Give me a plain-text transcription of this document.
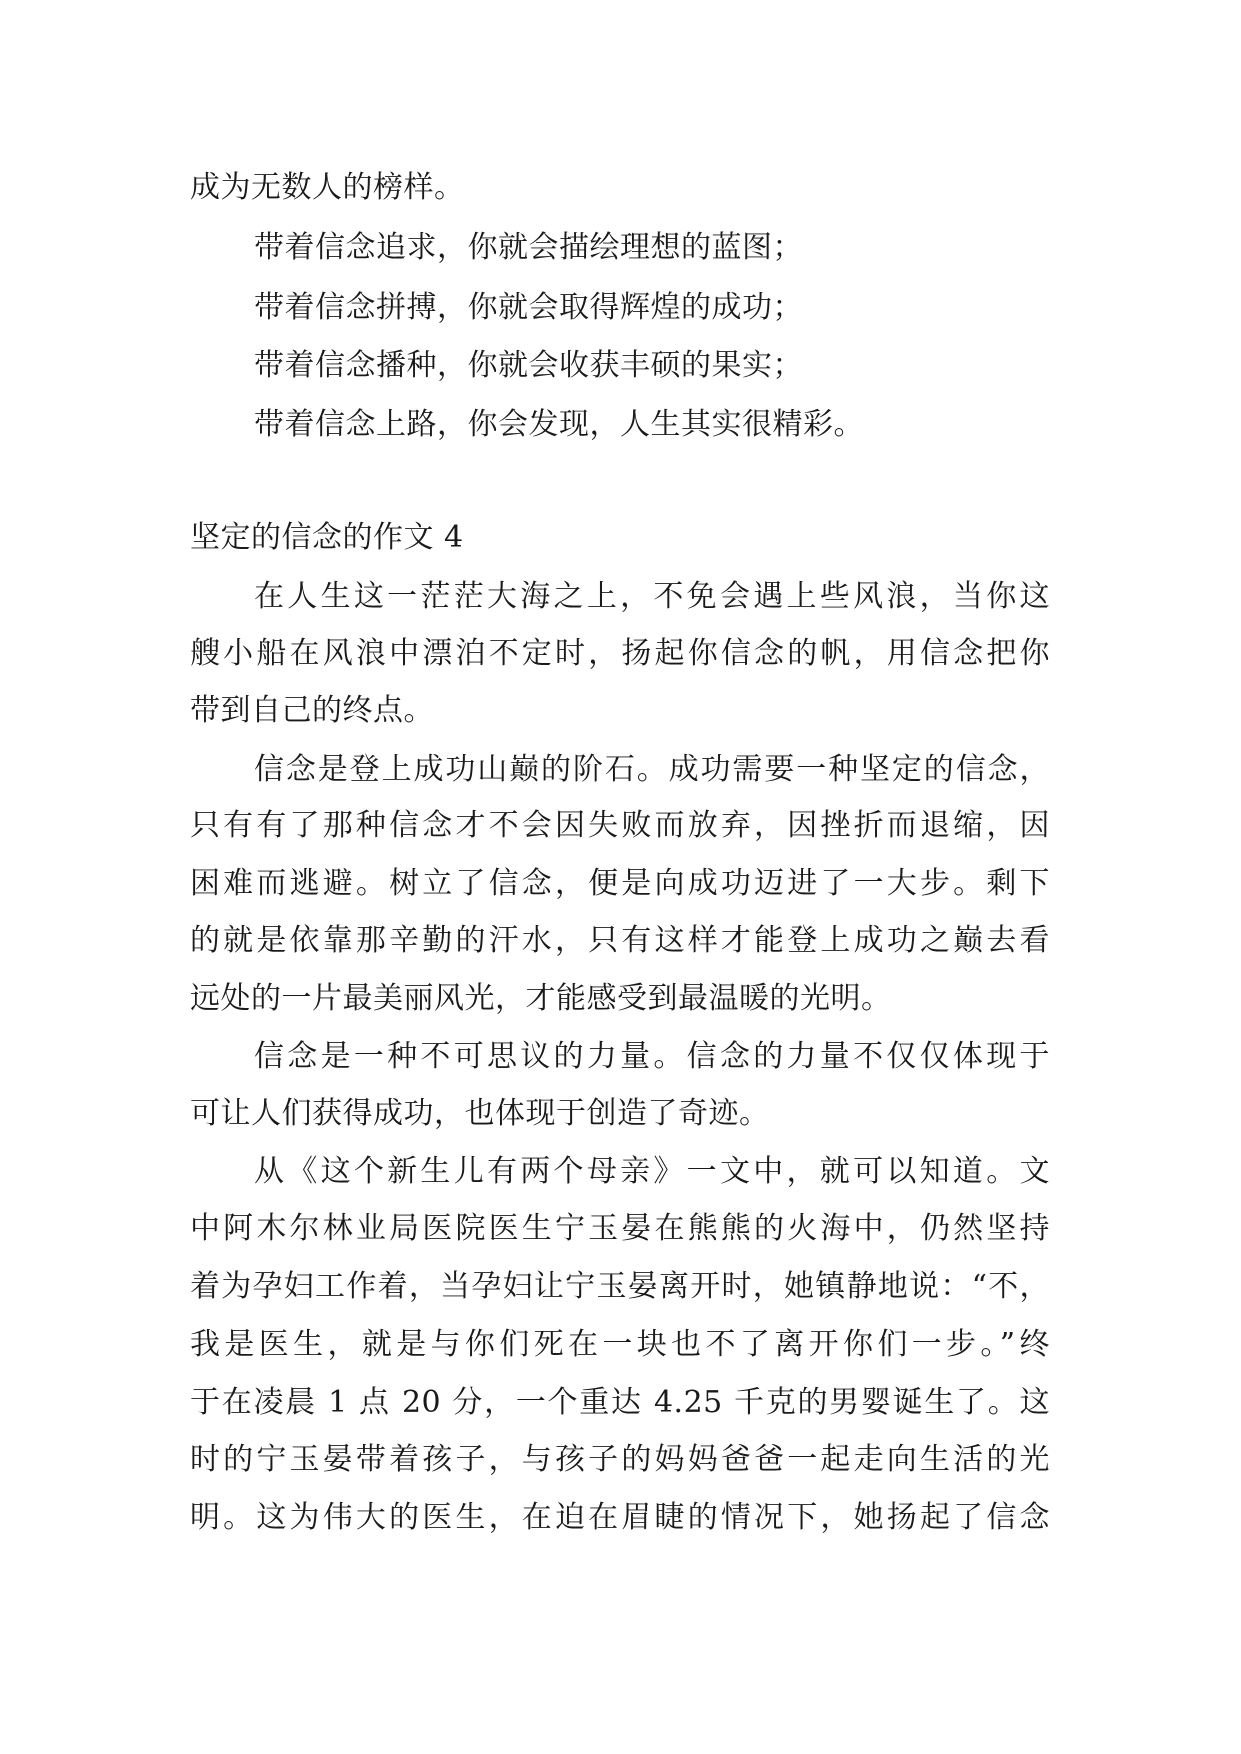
成为无数人的榜样。
带着信念追求，你就会描绘理想的蓝图；
带着信念拼搏，你就会取得辉煌的成功；
带着信念播种，你就会收获丰硕的果实；
带着信念上路，你会发现，人生其实很精彩。
坚定的信念的作文 4
在人生这一茫茫大海之上，不免会遇上些风浪，当你这
艘小船在风浪中漂泊不定时，扬起你信念的帆，用信念把你
带到自己的终点。
信念是登上成功山巅的阶石。成功需要一种坚定的信念，
只有有了那种信念才不会因失败而放弃，因挫折而退缩，因
困难而逃避。树立了信念，便是向成功迈进了一大步。剩下
的就是依靠那辛勤的汗水，只有这样才能登上成功之巅去看
远处的一片最美丽风光，才能感受到最温暖的光明。
信念是一种不可思议的力量。信念的力量不仅仅体现于
可让人们获得成功，也体现于创造了奇迹。
从《这个新生儿有两个母亲》一文中，就可以知道。文
中阿木尔林业局医院医生宁玉晏在熊熊的火海中，仍然坚持
着为孕妇工作着，当孕妇让宁玉晏离开时，她镇静地说：“不，
我是医生，就是与你们死在一块也不了离开你们一步。”终
于在凌晨 1 点 20 分，一个重达 4.25 千克的男婴诞生了。这
时的宁玉晏带着孩子，与孩子的妈妈爸爸一起走向生活的光
明。这为伟大的医生，在迫在眉睫的情况下，她扬起了信念
